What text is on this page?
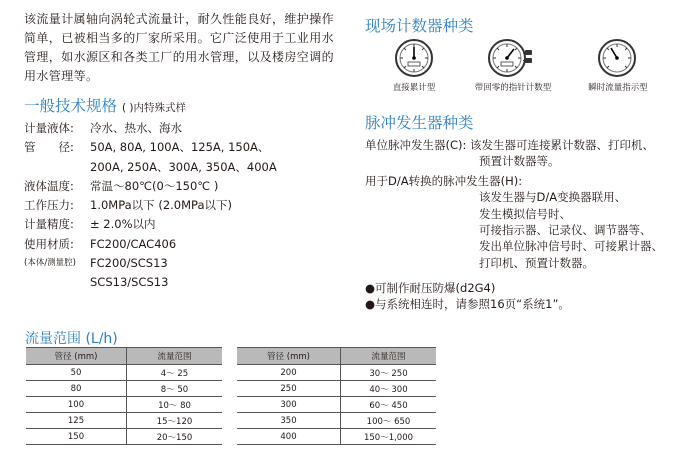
该流量计属轴向涡轮式流量计，耐久性能良好，维护操作
简单，已被相当多的厂家所采用。它广泛使用于工业用水
管理，如水源区和各类工厂的用水管理，以及楼房空调的
用水管理等。
一般技术规格 ( )内特殊式样
计量液体:	冷水、热水、海水
管　　径:	50A, 80A, 100A、125A, 150A、
200A, 250A、300A, 350A、400A
液体温度:	常温～80℃(0～150℃ )
工作压力:	1.0MPa以下 (2.0MPa以下)
计量精度:	± 2.0%以内
使用材质:	FC200/CAC406
(本体/测量腔)	FC200/SCS13
SCS13/SCS13
现场计数器种类
直接累计型	带回零的指针计数型	瞬时流量指示型
脉冲发生器种类
单位脉冲发生器(C): 该发生器可连接累计数器、打印机、
预置计数器等。
用于D/A转换的脉冲发生器(H):
该发生器与D/A变换器联用、
发生模拟信号时、
可接指示器、记录仪、调节器等、
发出单位脉冲信号时、可接累计器、
打印机、预置计数器。
●可制作耐压防爆(d2G4)
●与系统相连时，请参照16页“系统1”。
流量范围 (L/h)
管径 (mm)	流量范围
50	4～ 25
80	8～ 50
100	10～ 80
125	15～120
150	20～150
管径 (mm)	流量范围
200	30～ 250
250	40～ 300
300	60～ 450
350	100～ 650
400	150～1,000
